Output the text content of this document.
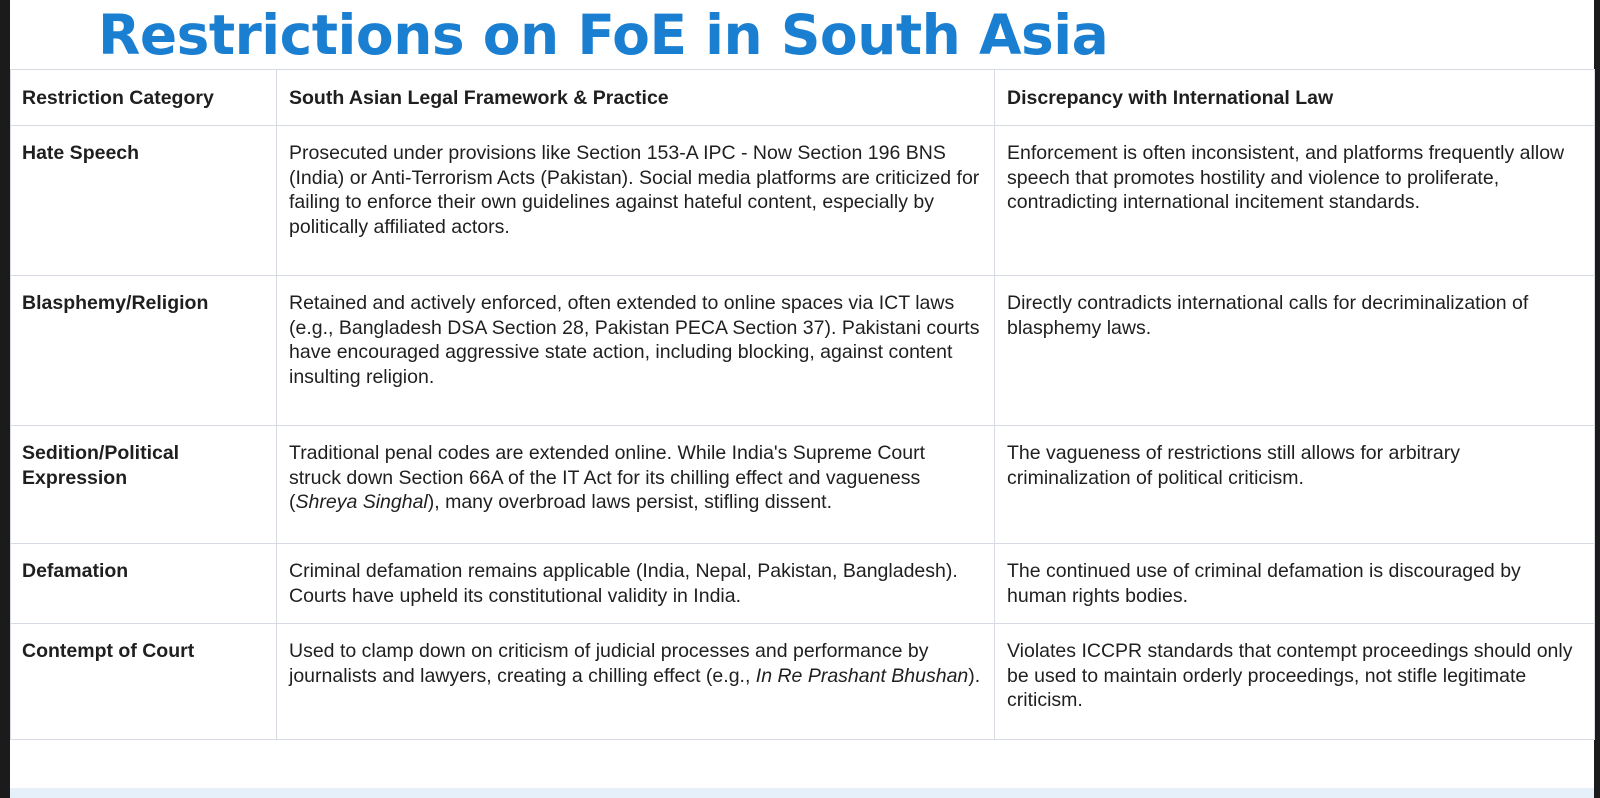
Restrictions on FoE in South Asia
Restriction Category	South Asian Legal Framework & Practice	Discrepancy with International Law
Hate Speech	Prosecuted under provisions like Section 153-A IPC - Now Section 196 BNS (India) or Anti-Terrorism Acts (Pakistan). Social media platforms are criticized for failing to enforce their own guidelines against hateful content, especially by politically affiliated actors.	Enforcement is often inconsistent, and platforms frequently allow speech that promotes hostility and violence to proliferate, contradicting international incitement standards.
Blasphemy/Religion	Retained and actively enforced, often extended to online spaces via ICT laws (e.g., Bangladesh DSA Section 28, Pakistan PECA Section 37). Pakistani courts have encouraged aggressive state action, including blocking, against content insulting religion.	Directly contradicts international calls for decriminalization of blasphemy laws.
Sedition/Political Expression	Traditional penal codes are extended online. While India's Supreme Court struck down Section 66A of the IT Act for its chilling effect and vagueness (Shreya Singhal), many overbroad laws persist, stifling dissent.	The vagueness of restrictions still allows for arbitrary criminalization of political criticism.
Defamation	Criminal defamation remains applicable (India, Nepal, Pakistan, Bangladesh). Courts have upheld its constitutional validity in India.	The continued use of criminal defamation is discouraged by human rights bodies.
Contempt of Court	Used to clamp down on criticism of judicial processes and performance by journalists and lawyers, creating a chilling effect (e.g., In Re Prashant Bhushan).	Violates ICCPR standards that contempt proceedings should only be used to maintain orderly proceedings, not stifle legitimate criticism.
